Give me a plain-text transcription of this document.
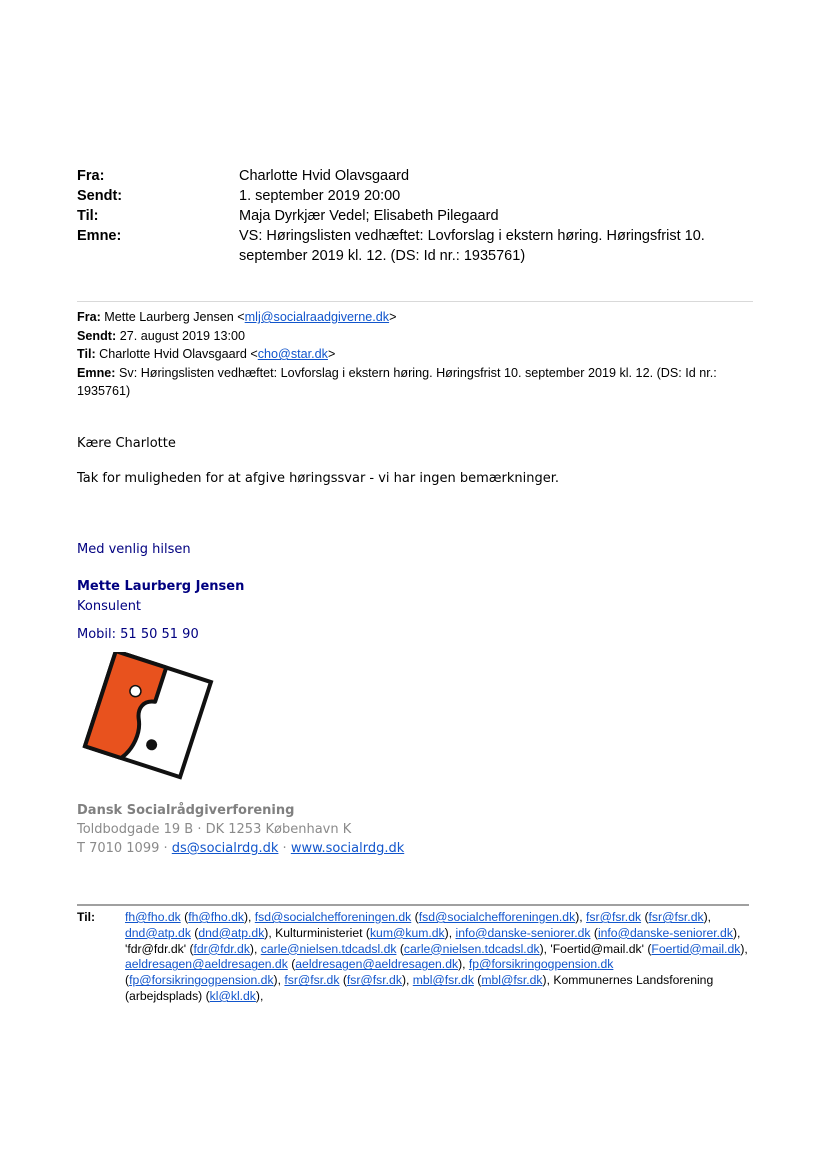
Fra:	Charlotte Hvid Olavsgaard
Sendt:	1. september 2019 20:00
Til:	Maja Dyrkjær Vedel; Elisabeth Pilegaard
Emne:	VS: Høringslisten vedhæftet: Lovforslag i ekstern høring. Høringsfrist 10. september 2019 kl. 12. (DS: Id nr.: 1935761)
Fra: Mette Laurberg Jensen <mlj@socialraadgiverne.dk>
Sendt: 27. august 2019 13:00
Til: Charlotte Hvid Olavsgaard <cho@star.dk>
Emne: Sv: Høringslisten vedhæftet: Lovforslag i ekstern høring. Høringsfrist 10. september 2019 kl. 12. (DS: Id nr.: 1935761)
Kære Charlotte
Tak for muligheden for at afgive høringssvar - vi har ingen bemærkninger.
Med venlig hilsen
Mette Laurberg Jensen
Konsulent
Mobil: 51 50 51 90
Dansk Socialrådgiverforening
Toldbodgade 19 B · DK 1253 København K
T 7010 1099 · ds@socialrdg.dk · www.socialrdg.dk
Til: fh@fho.dk (fh@fho.dk), fsd@socialchefforeningen.dk (fsd@socialchefforeningen.dk), fsr@fsr.dk (fsr@fsr.dk), dnd@atp.dk (dnd@atp.dk), Kulturministeriet (kum@kum.dk), info@danske-seniorer.dk (info@danske-seniorer.dk), 'fdr@fdr.dk' (fdr@fdr.dk), carle@nielsen.tdcadsl.dk (carle@nielsen.tdcadsl.dk), 'Foertid@mail.dk' (Foertid@mail.dk), aeldresagen@aeldresagen.dk (aeldresagen@aeldresagen.dk), fp@forsikringogpension.dk (fp@forsikringogpension.dk), fsr@fsr.dk (fsr@fsr.dk), mbl@fsr.dk (mbl@fsr.dk), Kommunernes Landsforening (arbejdsplads) (kl@kl.dk),
